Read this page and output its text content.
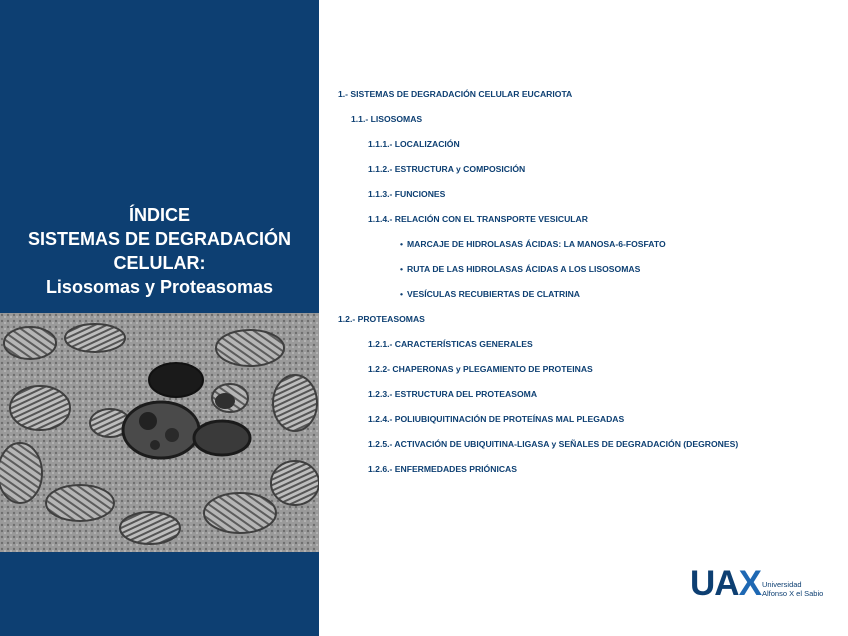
ÍNDICE
SISTEMAS DE DEGRADACIÓN
CELULAR:
Lisosomas y Proteasomas
1.- SISTEMAS DE DEGRADACIÓN CELULAR EUCARIOTA
1.1.- LISOSOMAS
1.1.1.- LOCALIZACIÓN
1.1.2.- ESTRUCTURA y COMPOSICIÓN
1.1.3.- FUNCIONES
1.1.4.- RELACIÓN CON EL TRANSPORTE VESICULAR
• MARCAJE DE HIDROLASAS ÁCIDAS: LA MANOSA-6-FOSFATO
• RUTA DE LAS HIDROLASAS ÁCIDAS A LOS LISOSOMAS
• VESÍCULAS RECUBIERTAS DE CLATRINA
1.2.- PROTEASOMAS
1.2.1.- CARACTERÍSTICAS GENERALES
1.2.2- CHAPERONAS y PLEGAMIENTO DE PROTEINAS
1.2.3.- ESTRUCTURA DEL PROTEASOMA
1.2.4.- POLIUBIQUITINACIÓN DE PROTEÍNAS MAL PLEGADAS
1.2.5.- ACTIVACIÓN DE UBIQUITINA-LIGASA y SEÑALES DE DEGRADACIÓN (DEGRONES)
1.2.6.- ENFERMEDADES PRIÓNICAS
UAX Universidad
Alfonso X el Sabio
